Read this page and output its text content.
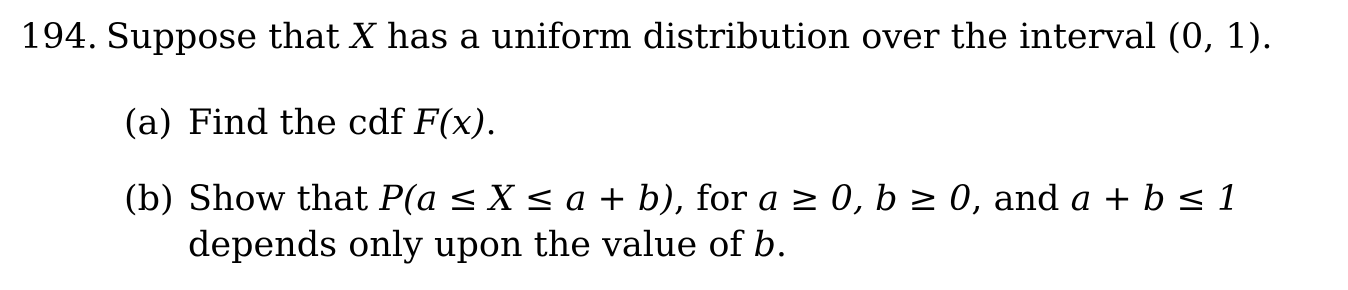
194. Suppose that X has a uniform distribution over the interval (0, 1).
(a) Find the cdf F(x).
(b) Show that P(a ≤ X ≤ a + b), for a ≥ 0, b ≥ 0, and a + b ≤ 1
depends only upon the value of b.
